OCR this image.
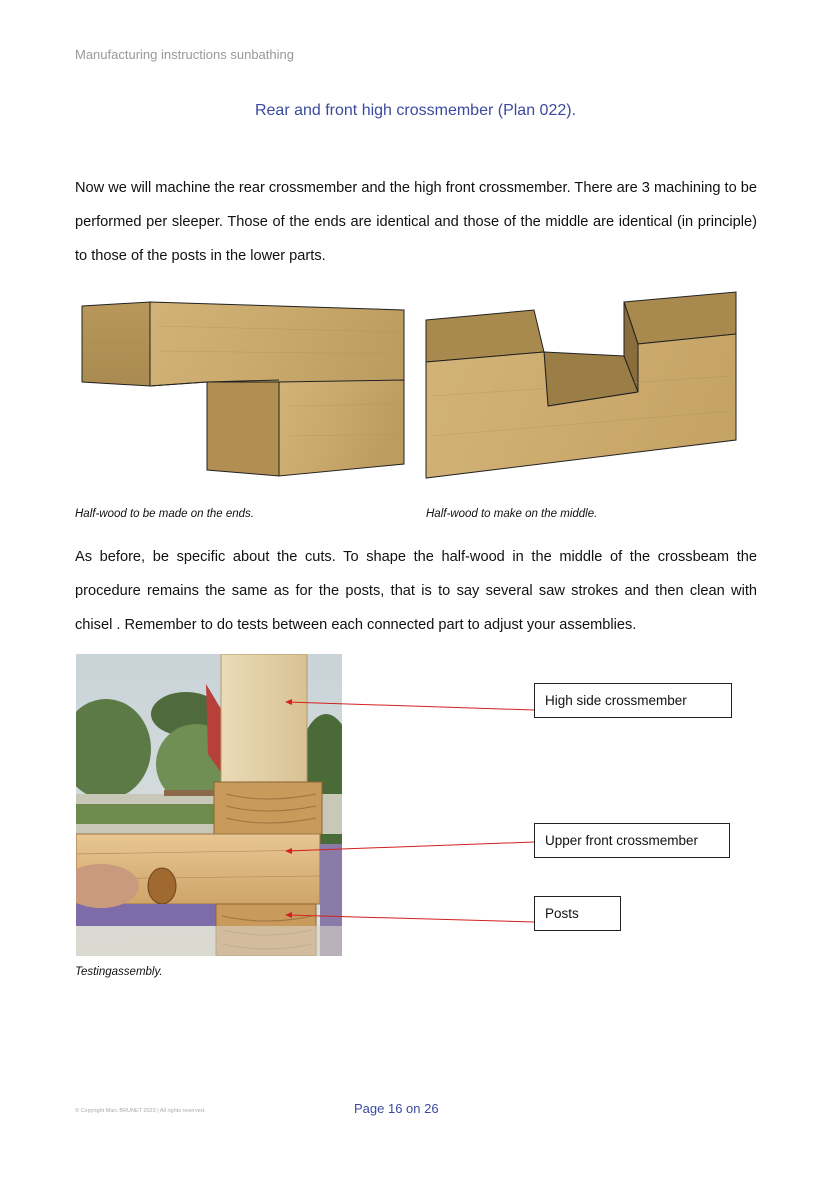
Manufacturing instructions sunbathing
Rear and front high crossmember (Plan 022).

Now we will machine the rear crossmember and the high front crossmember. There are 3 machining to be performed per sleeper. Those of the ends are identical and those of the middle are identical (in principle) to those of the posts in the lower parts.

Half-wood to be made on the ends.	Half-wood to make on the middle.

As before, be specific about the cuts. To shape the half-wood in the middle of the crossbeam the procedure remains the same as for the posts, that is to say several saw strokes and then clean with chisel . Remember to do tests between each connected part to adjust your assemblies.

High side crossmember
Upper front crossmember
Posts
Testingassembly.
© Copyright Marc BRUNET 2023 | All rights reserved.	Page 16 on 26
